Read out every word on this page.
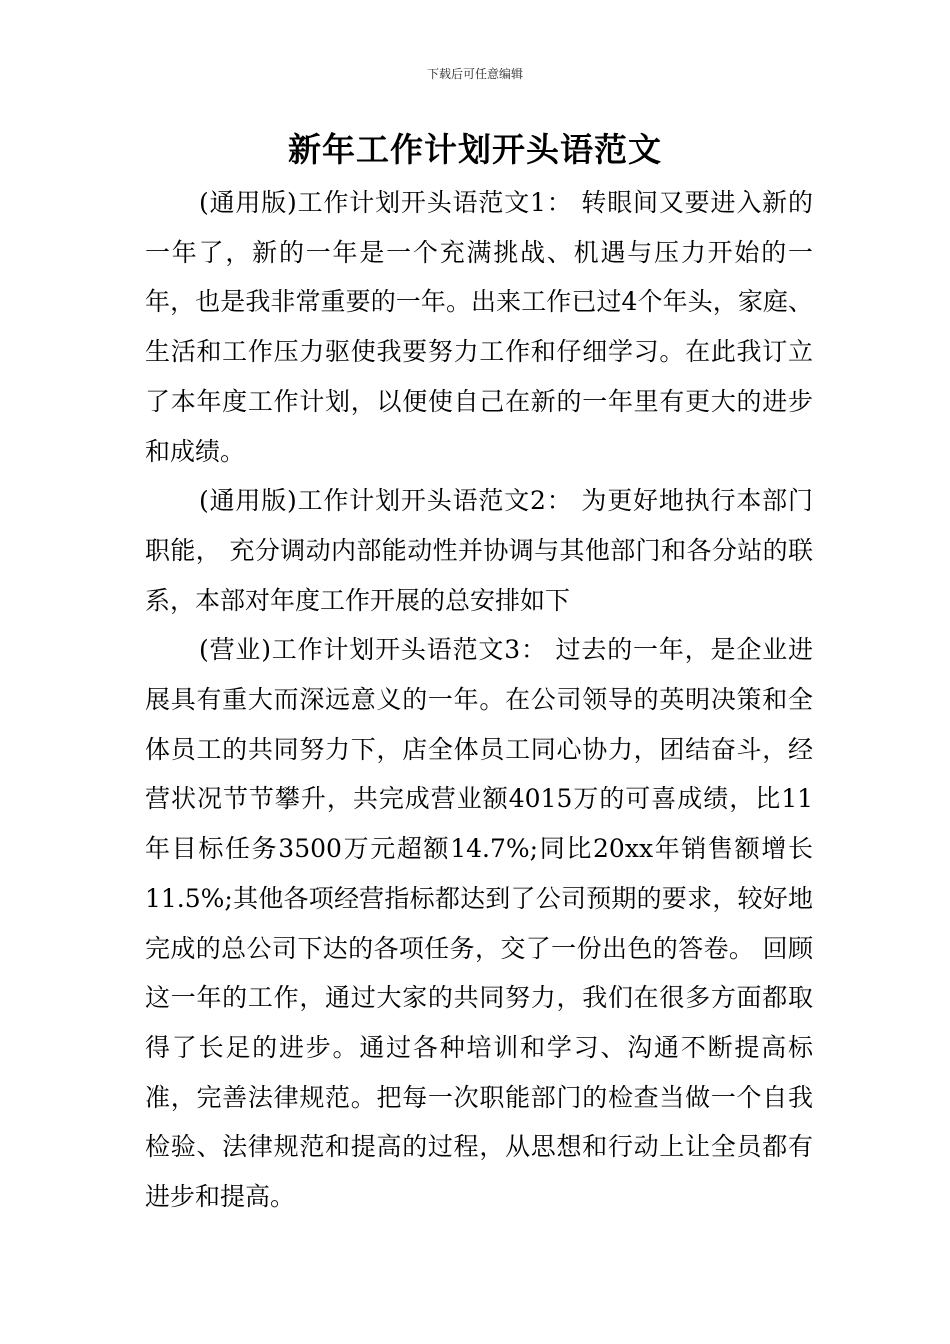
下载后可任意编辑
新年工作计划开头语范文

(通用版)工作计划开头语范文1： 转眼间又要进入新的一年了，新的一年是一个充满挑战、机遇与压力开始的一年，也是我非常重要的一年。出来工作已过4个年头，家庭、生活和工作压力驱使我要努力工作和仔细学习。在此我订立了本年度工作计划，以便使自己在新的一年里有更大的进步和成绩。

(通用版)工作计划开头语范文2： 为更好地执行本部门职能， 充分调动内部能动性并协调与其他部门和各分站的联系，本部对年度工作开展的总安排如下

(营业)工作计划开头语范文3： 过去的一年，是企业进展具有重大而深远意义的一年。在公司领导的英明决策和全体员工的共同努力下，店全体员工同心协力，团结奋斗，经营状况节节攀升，共完成营业额4015万的可喜成绩，比11年目标任务3500万元超额14.7%;同比20xx年销售额增长11.5%;其他各项经营指标都达到了公司预期的要求，较好地完成的总公司下达的各项任务，交了一份出色的答卷。 回顾这一年的工作，通过大家的共同努力，我们在很多方面都取得了长足的进步。通过各种培训和学习、沟通不断提高标准，完善法律规范。把每一次职能部门的检查当做一个自我检验、法律规范和提高的过程，从思想和行动上让全员都有进步和提高。
